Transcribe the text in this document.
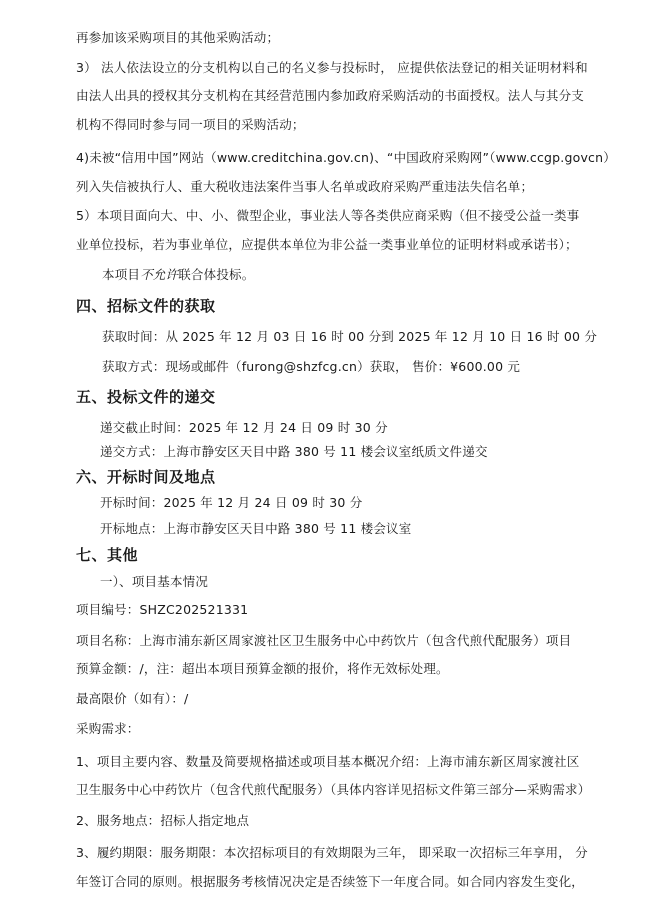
再参加该采购项目的其他采购活动；
3） 法人依法设立的分支机构以自己的名义参与投标时， 应提供依法登记的相关证明材料和
由法人出具的授权其分支机构在其经营范围内参加政府采购活动的书面授权。法人与其分支
机构不得同时参与同一项目的采购活动；
4)未被“信用中国”网站（www.creditchina.gov.cn)、“中国政府采购网”（www.ccgp.govcn）
列入失信被执行人、重大税收违法案件当事人名单或政府采购严重违法失信名单；
5）本项目面向大、中、小、微型企业，事业法人等各类供应商采购（但不接受公益一类事
业单位投标，若为事业单位，应提供本单位为非公益一类事业单位的证明材料或承诺书）；
本项目不允许联合体投标。
四、招标文件的获取
获取时间：从 2025 年 12 月 03 日 16 时 00 分到 2025 年 12 月 10 日 16 时 00 分
获取方式：现场或邮件（furong@shzfcg.cn）获取， 售价：¥600.00 元
五、投标文件的递交
递交截止时间：2025 年 12 月 24 日 09 时 30 分
递交方式：上海市静安区天目中路 380 号 11 楼会议室纸质文件递交
六、开标时间及地点
开标时间：2025 年 12 月 24 日 09 时 30 分
开标地点：上海市静安区天目中路 380 号 11 楼会议室
七、其他
一）、项目基本情况
项目编号：SHZC202521331
项目名称：上海市浦东新区周家渡社区卫生服务中心中药饮片（包含代煎代配服务）项目
预算金额：/，注：超出本项目预算金额的报价，将作无效标处理。
最高限价（如有）：/
采购需求：
1、项目主要内容、数量及简要规格描述或项目基本概况介绍：上海市浦东新区周家渡社区
卫生服务中心中药饮片（包含代煎代配服务）（具体内容详见招标文件第三部分—采购需求）
2、服务地点：招标人指定地点
3、履约期限：服务期限：本次招标项目的有效期限为三年， 即采取一次招标三年享用， 分
年签订合同的原则。根据服务考核情况决定是否续签下一年度合同。如合同内容发生变化，
